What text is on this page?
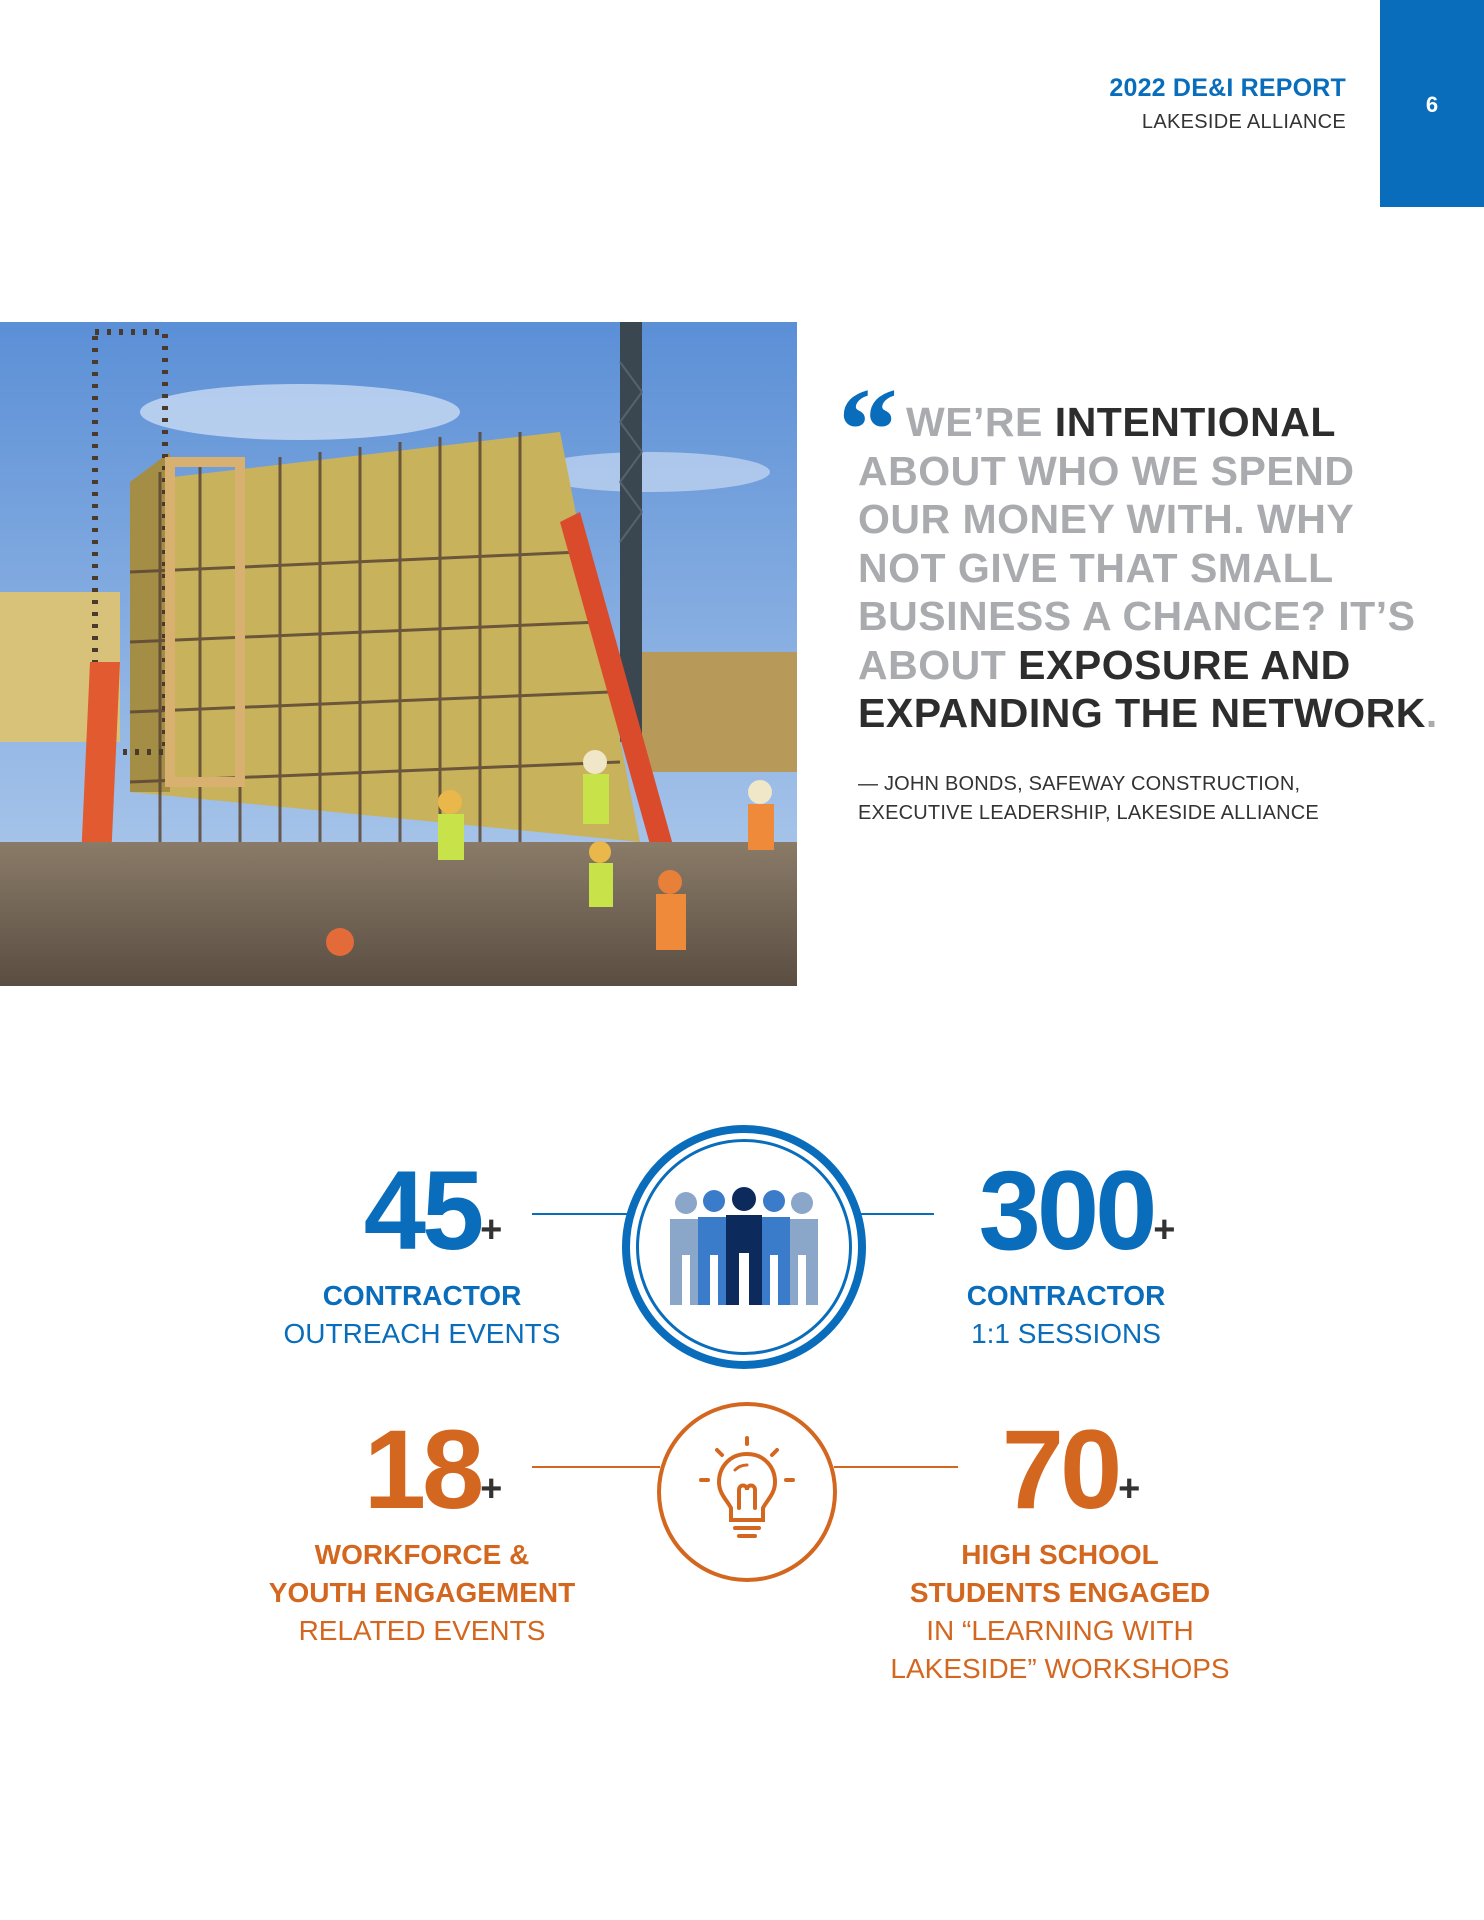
2022 DE&I REPORT
LAKESIDE ALLIANCE
6
“ WE’RE INTENTIONAL ABOUT WHO WE SPEND OUR MONEY WITH. WHY NOT GIVE THAT SMALL BUSINESS A CHANCE? IT’S ABOUT EXPOSURE AND EXPANDING THE NETWORK.
— JOHN BONDS, SAFEWAY CONSTRUCTION,
EXECUTIVE LEADERSHIP, LAKESIDE ALLIANCE
45 +
CONTRACTOR
OUTREACH EVENTS
300 +
CONTRACTOR
1:1 SESSIONS
18 +
WORKFORCE &
YOUTH ENGAGEMENT
RELATED EVENTS
70 +
HIGH SCHOOL
STUDENTS ENGAGED
IN “LEARNING WITH
LAKESIDE” WORKSHOPS
